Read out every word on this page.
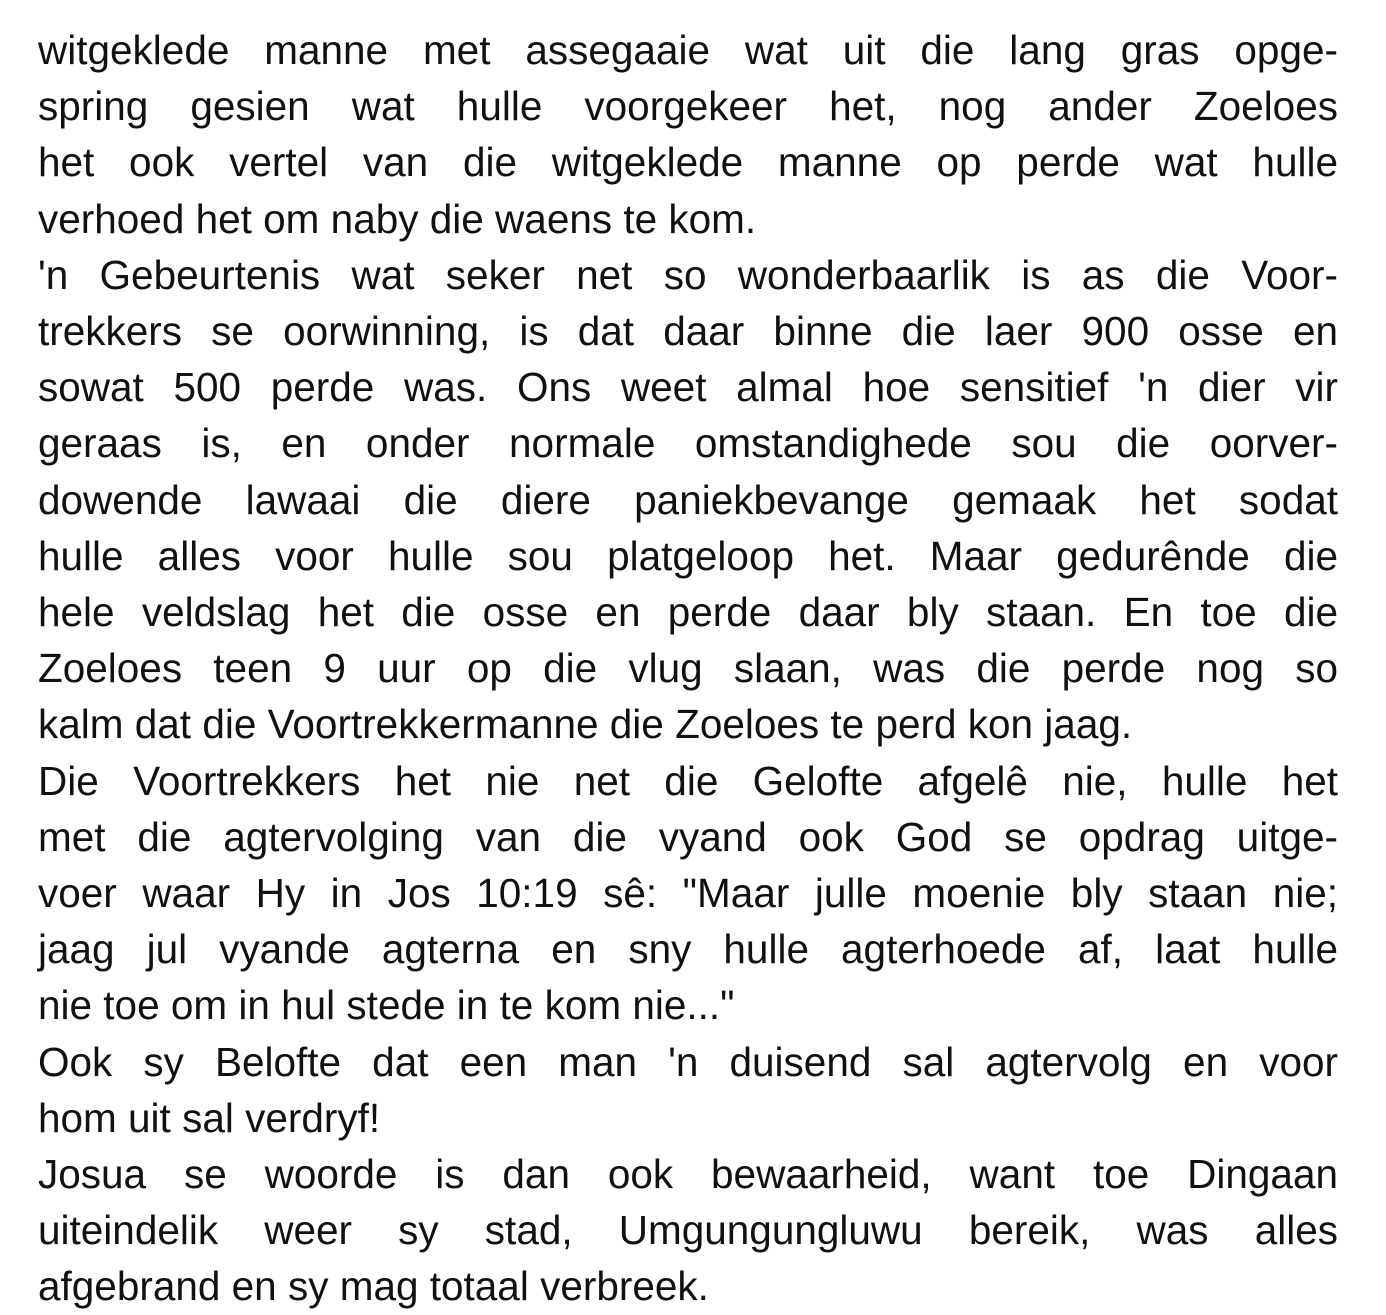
witgeklede manne met assegaaie wat uit die lang gras opge-
spring gesien wat hulle voorgekeer het, nog ander Zoeloes
het ook vertel van die witgeklede manne op perde wat hulle
verhoed het om naby die waens te kom.
'n Gebeurtenis wat seker net so wonderbaarlik is as die Voor-
trekkers se oorwinning, is dat daar binne die laer 900 osse en
sowat 500 perde was. Ons weet almal hoe sensitief 'n dier vir
geraas is, en onder normale omstandighede sou die oorver-
dowende lawaai die diere paniekbevange gemaak het sodat
hulle alles voor hulle sou platgeloop het. Maar gedurênde die
hele veldslag het die osse en perde daar bly staan. En toe die
Zoeloes teen 9 uur op die vlug slaan, was die perde nog so
kalm dat die Voortrekkermanne die Zoeloes te perd kon jaag.
Die Voortrekkers het nie net die Gelofte afgelê nie, hulle het
met die agtervolging van die vyand ook God se opdrag uitge-
voer waar Hy in Jos 10:19 sê: "Maar julle moenie bly staan nie;
jaag jul vyande agterna en sny hulle agterhoede af, laat hulle
nie toe om in hul stede in te kom nie..."
Ook sy Belofte dat een man 'n duisend sal agtervolg en voor
hom uit sal verdryf!
Josua se woorde is dan ook bewaarheid, want toe Dingaan
uiteindelik weer sy stad, Umgungungluwu bereik, was alles
afgebrand en sy mag totaal verbreek.
